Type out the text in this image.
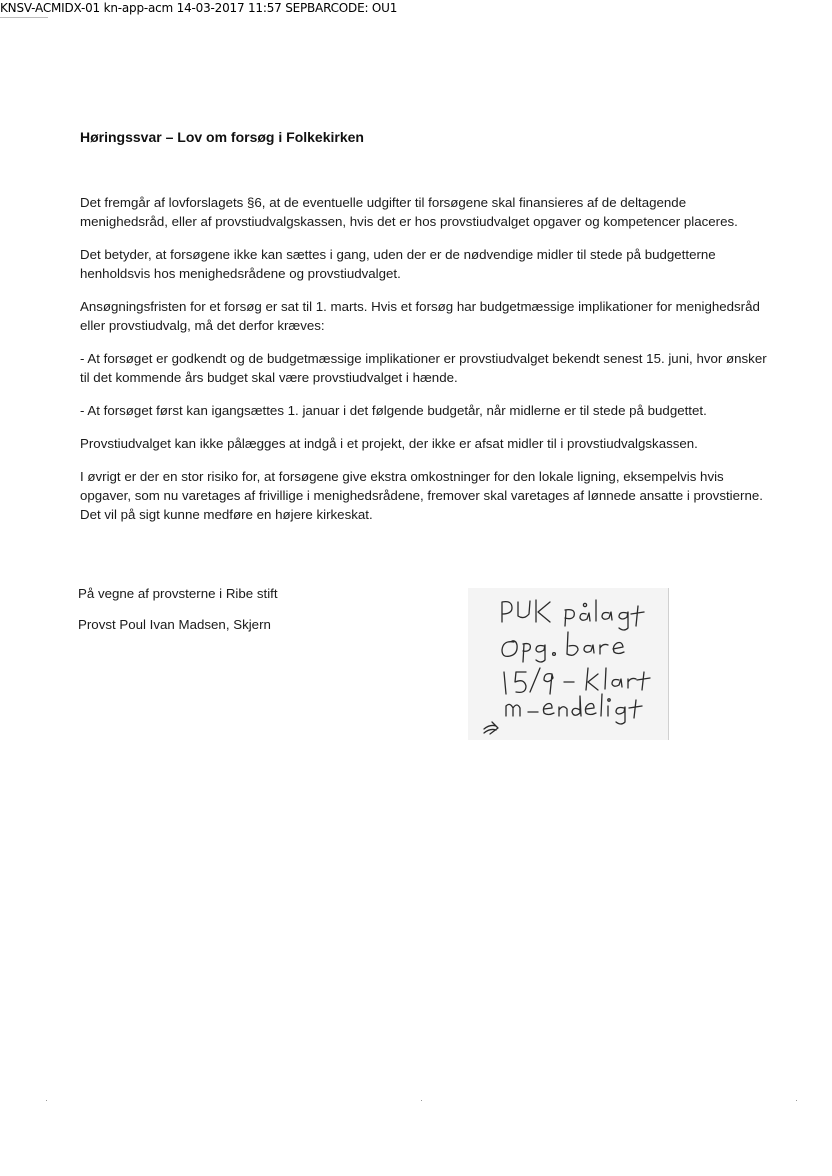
KNSV-ACMIDX-01 kn-app-acm 14-03-2017 11:57 SEPBARCODE: OU1
Høringssvar – Lov om forsøg i Folkekirken

Det fremgår af lovforslagets §6, at de eventuelle udgifter til forsøgene skal finansieres af de deltagende menighedsråd, eller af provstiudvalgskassen, hvis det er hos provstiudvalget opgaver og kompetencer placeres.

Det betyder, at forsøgene ikke kan sættes i gang, uden der er de nødvendige midler til stede på budgetterne henholdsvis hos menighedsrådene og provstiudvalget.

Ansøgningsfristen for et forsøg er sat til 1. marts. Hvis et forsøg har budgetmæssige implikationer for menighedsråd eller provstiudvalg, må det derfor kræves:

- At forsøget er godkendt og de budgetmæssige implikationer er provstiudvalget bekendt senest 15. juni, hvor ønsker til det kommende års budget skal være provstiudvalget i hænde.

- At forsøget først kan igangsættes 1. januar i det følgende budgetår, når midlerne er til stede på budgettet.

Provstiudvalget kan ikke pålægges at indgå i et projekt, der ikke er afsat midler til i provstiudvalgskassen.

I øvrigt er der en stor risiko for, at forsøgene give ekstra omkostninger for den lokale ligning, eksempelvis hvis opgaver, som nu varetages af frivillige i menighedsrådene, fremover skal varetages af lønnede ansatte i provstierne. Det vil på sigt kunne medføre en højere kirkeskat.

På vegne af provsterne i Ribe stift
Provst Poul Ivan Madsen, Skjern
